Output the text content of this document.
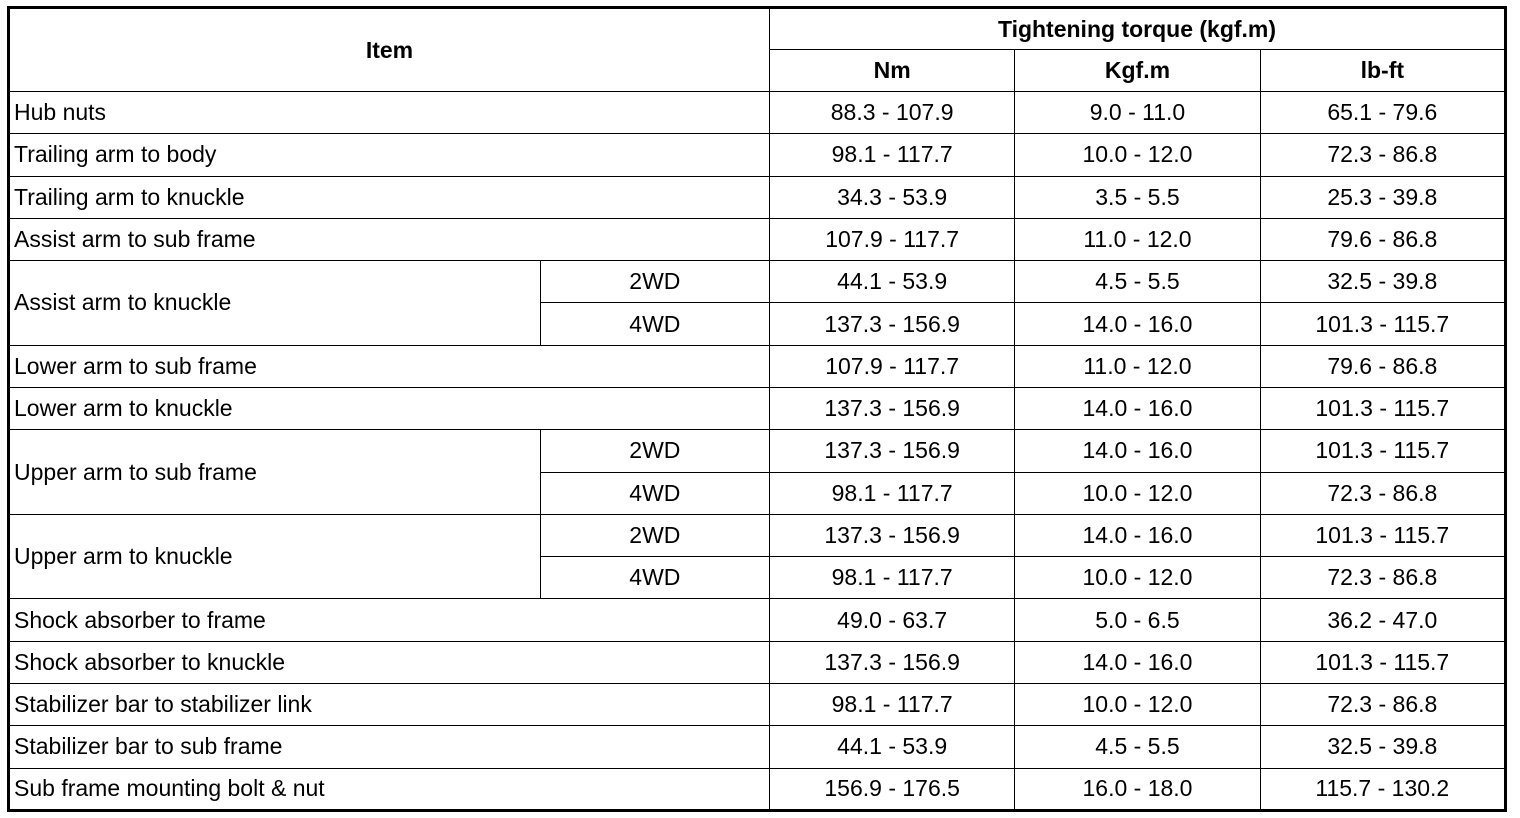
Item		Tightening torque (kgf.m)		
		Nm	Kgf.m	lb-ft
Hub nuts		88.3 - 107.9	9.0 - 11.0	65.1 - 79.6
Trailing arm to body		98.1 - 117.7	10.0 - 12.0	72.3 - 86.8
Trailing arm to knuckle		34.3 - 53.9	3.5 - 5.5	25.3 - 39.8
Assist arm to sub frame		107.9 - 117.7	11.0 - 12.0	79.6 - 86.8
Assist arm to knuckle	2WD	44.1 - 53.9	4.5 - 5.5	32.5 - 39.8
	4WD	137.3 - 156.9	14.0 - 16.0	101.3 - 115.7
Lower arm to sub frame		107.9 - 117.7	11.0 - 12.0	79.6 - 86.8
Lower arm to knuckle		137.3 - 156.9	14.0 - 16.0	101.3 - 115.7
Upper arm to sub frame	2WD	137.3 - 156.9	14.0 - 16.0	101.3 - 115.7
	4WD	98.1 - 117.7	10.0 - 12.0	72.3 - 86.8
Upper arm to knuckle	2WD	137.3 - 156.9	14.0 - 16.0	101.3 - 115.7
	4WD	98.1 - 117.7	10.0 - 12.0	72.3 - 86.8
Shock absorber to frame		49.0 - 63.7	5.0 - 6.5	36.2 - 47.0
Shock absorber to knuckle		137.3 - 156.9	14.0 - 16.0	101.3 - 115.7
Stabilizer bar to stabilizer link		98.1 - 117.7	10.0 - 12.0	72.3 - 86.8
Stabilizer bar to sub frame		44.1 - 53.9	4.5 - 5.5	32.5 - 39.8
Sub frame mounting bolt & nut		156.9 - 176.5	16.0 - 18.0	115.7 - 130.2
